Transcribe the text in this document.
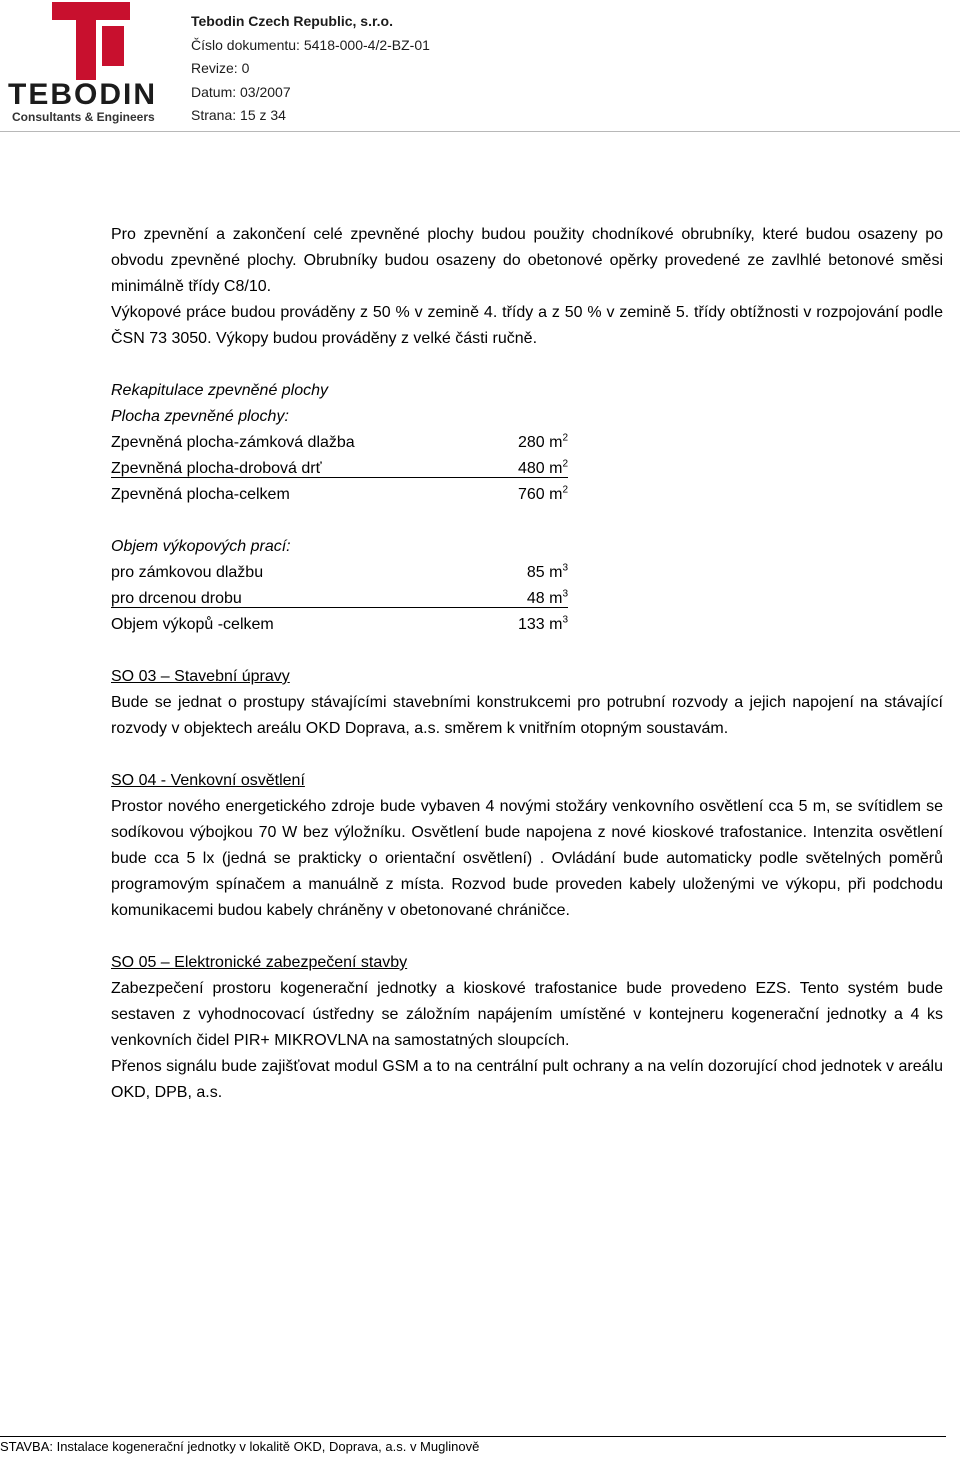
TEBODIN
Consultants & Engineers
Tebodin Czech Republic, s.r.o.
Číslo dokumentu: 5418-000-4/2-BZ-01
Revize: 0
Datum: 03/2007
Strana: 15 z 34

Pro zpevnění a zakončení celé zpevněné plochy budou použity chodníkové obrubníky, které budou osazeny po obvodu zpevněné plochy. Obrubníky budou osazeny do obetonové opěrky provedené ze zavlhlé betonové směsi minimálně třídy C8/10.

Výkopové práce budou prováděny z 50 % v zemině 4. třídy a z 50 % v zemině 5. třídy obtížnosti v rozpojování podle ČSN 73 3050. Výkopy budou prováděny z velké části ručně.

Rekapitulace zpevněné plochy
Plocha zpevněné plochy:
Zpevněná plocha-zámková dlažba	280 $m^2$
Zpevněná plocha-drobová drť	480 $m^2$
Zpevněná plocha-celkem	760 $m^2$
Objem výkopových prací:
pro zámkovou dlažbu	85 $m^3$
pro drcenou drobu	48 $m^3$
Objem výkopů -celkem	133 $m^3$
SO 03 – Stavební úpravy

Bude se jednat o prostupy stávajícími stavebními konstrukcemi pro potrubní rozvody a jejich napojení na stávající rozvody v objektech areálu OKD Doprava, a.s. směrem k vnitřním otopným soustavám.

SO 04 - Venkovní osvětlení

Prostor nového energetického zdroje bude vybaven 4 novými stožáry venkovního osvětlení cca 5 m, se svítidlem se sodíkovou výbojkou 70 W bez výložníku. Osvětlení bude napojena z nové kioskové trafostanice. Intenzita osvětlení bude cca 5 lx (jedná se prakticky o orientační osvětlení) . Ovládání bude automaticky podle světelných poměrů programovým spínačem a manuálně z místa. Rozvod bude proveden kabely uloženými ve výkopu, při podchodu komunikacemi budou kabely chráněny v obetonované chráničce.

SO 05 – Elektronické zabezpečení stavby

Zabezpečení prostoru kogenerační jednotky a kioskové trafostanice bude provedeno EZS. Tento systém bude sestaven z vyhodnocovací ústředny se záložním napájením umístěné v kontejneru kogenerační jednotky a 4 ks venkovních čidel PIR+ MIKROVLNA na samostatných sloupcích.

Přenos signálu bude zajišťovat modul GSM a to na centrální pult ochrany a na velín dozorující chod jednotek v areálu OKD, DPB, a.s.

STAVBA: Instalace kogenerační jednotky v lokalitě OKD, Doprava, a.s. v Muglinově
